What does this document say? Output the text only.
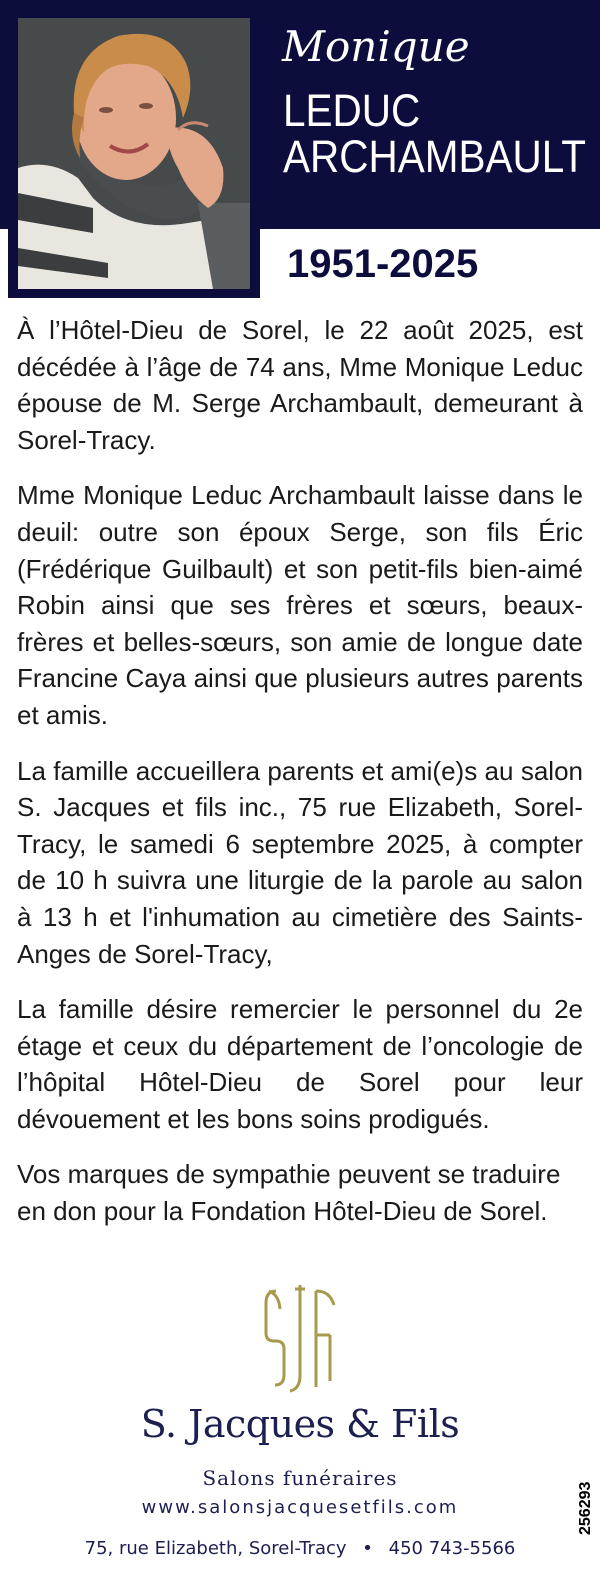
Monique
LEDUC
ARCHAMBAULT
1951-2025

À l’Hôtel-Dieu de Sorel, le 22 août 2025, est décédée à l’âge de 74 ans, Mme Monique Leduc épouse de M. Serge Archambault, demeurant à Sorel-Tracy.

Mme Monique Leduc Archambault laisse dans le deuil: outre son époux Serge, son fils Éric (Frédérique Guilbault) et son petit-fils bien-aimé Robin ainsi que ses frères et sœurs, beaux-frères et belles-sœurs, son amie de longue date Francine Caya ainsi que plusieurs autres parents et amis.

La famille accueillera parents et ami(e)s au salon S. Jacques et fils inc., 75 rue Elizabeth, Sorel-Tracy, le samedi 6 septembre 2025, à compter de 10 h suivra une liturgie de la parole au salon à 13 h et l'inhumation au cimetière des Saints-Anges de Sorel-Tracy,

La famille désire remercier le personnel du 2e étage et ceux du département de l’oncologie de l’hôpital Hôtel-Dieu de Sorel pour leur dévouement et les bons soins prodigués.

Vos marques de sympathie peuvent se traduire en don pour la Fondation Hôtel-Dieu de Sorel.

S. Jacques & Fils
Salons funéraires
www.salonsjacquesetfils.com
75, rue Elizabeth, Sorel-Tracy • 450 743-5566
256293
